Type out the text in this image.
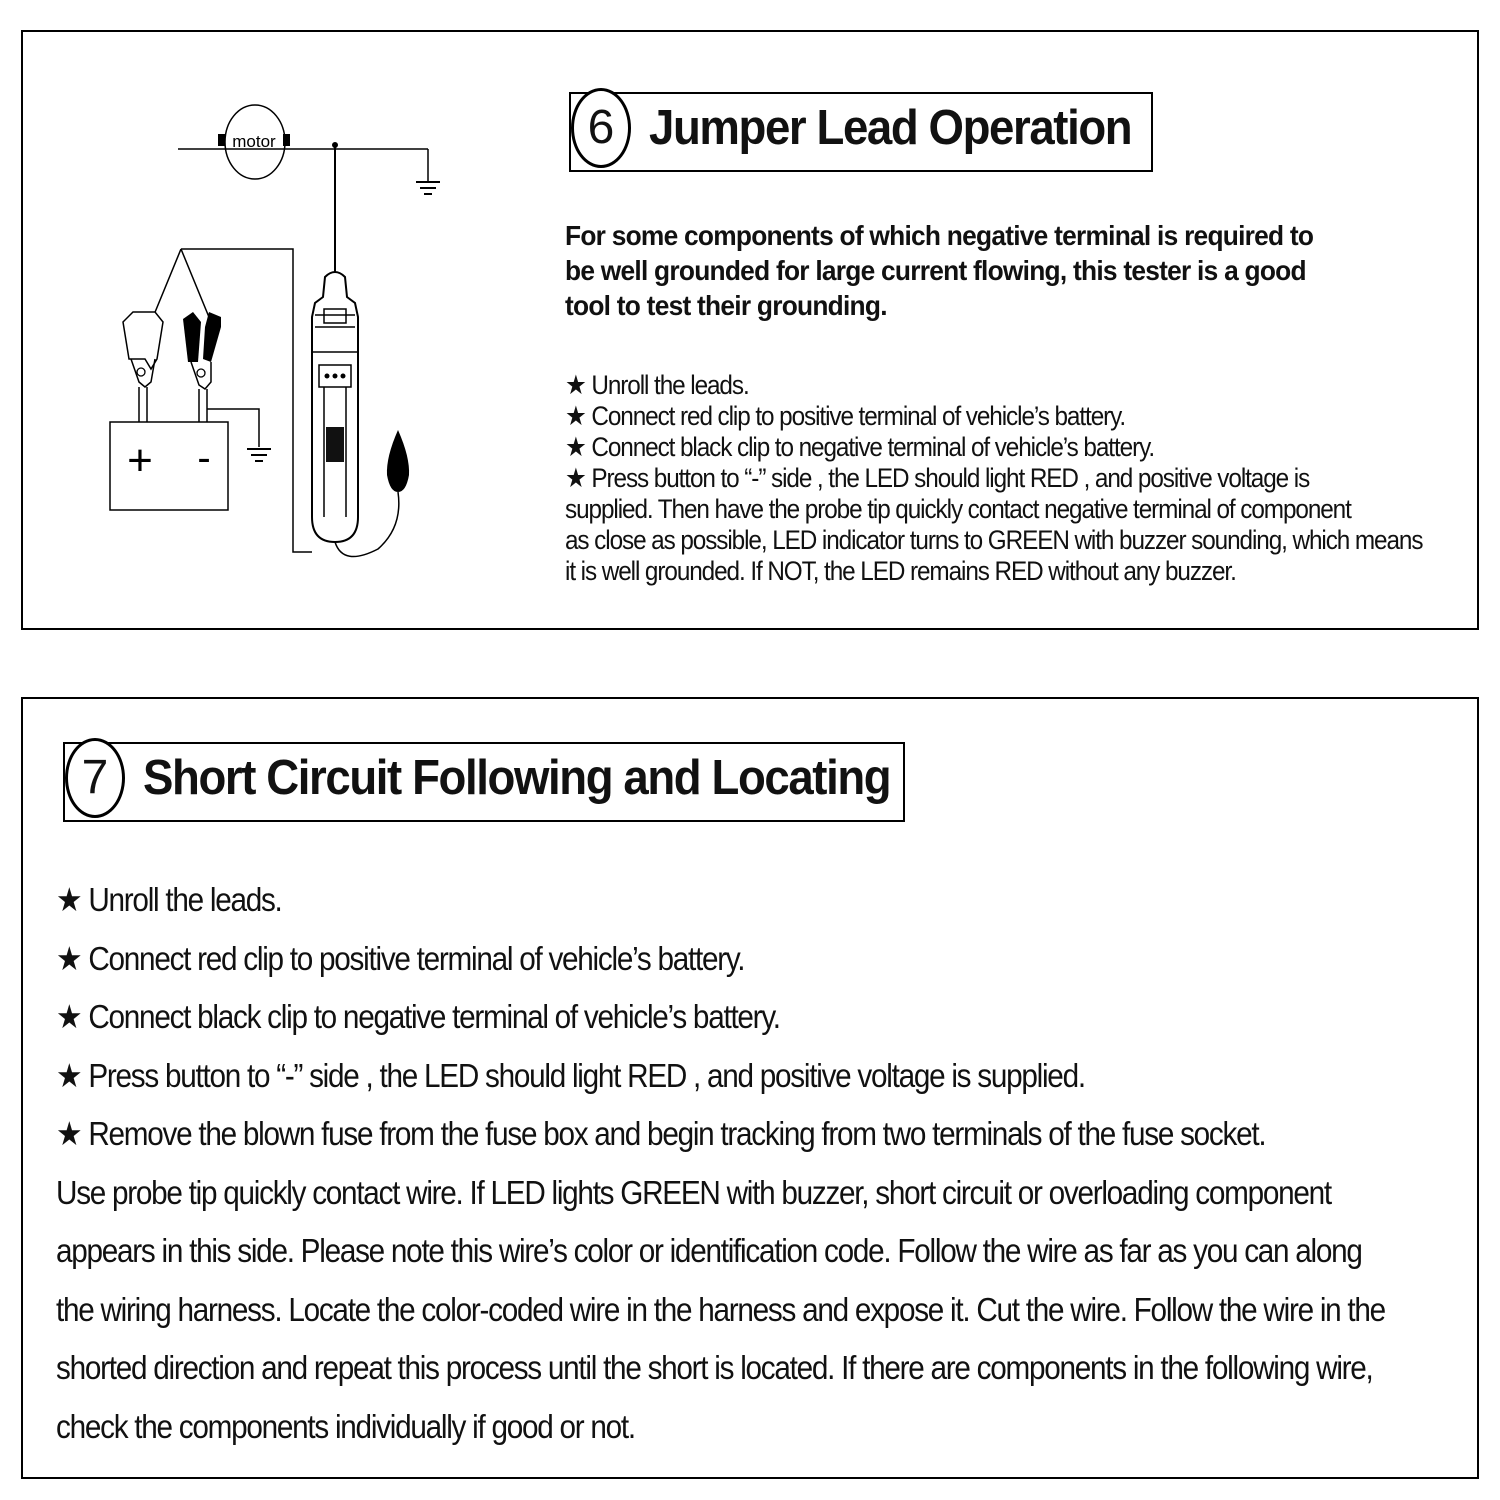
motor
+ -
6 Jumper Lead Operation
For some components of which negative terminal is required to
be well grounded for large current flowing, this tester is a good
tool to test their grounding.
★ Unroll the leads.
★ Connect red clip to positive terminal of vehicle’s battery.
★ Connect black clip to negative terminal of vehicle’s battery.
★ Press button to “-” side , the LED should light RED , and positive voltage is
supplied. Then have the probe tip quickly contact negative terminal of component
as close as possible, LED indicator turns to GREEN with buzzer sounding, which means
it is well grounded. If NOT, the LED remains RED without any buzzer.
7 Short Circuit Following and Locating
★ Unroll the leads.
★ Connect red clip to positive terminal of vehicle’s battery.
★ Connect black clip to negative terminal of vehicle’s battery.
★ Press button to “-” side , the LED should light RED , and positive voltage is supplied.
★ Remove the blown fuse from the fuse box and begin tracking from two terminals of the fuse socket.
Use probe tip quickly contact wire. If LED lights GREEN with buzzer, short circuit or overloading component
appears in this side. Please note this wire’s color or identification code. Follow the wire as far as you can along
the wiring harness. Locate the color-coded wire in the harness and expose it. Cut the wire. Follow the wire in the
shorted direction and repeat this process until the short is located. If there are components in the following wire,
check the components individually if good or not.
